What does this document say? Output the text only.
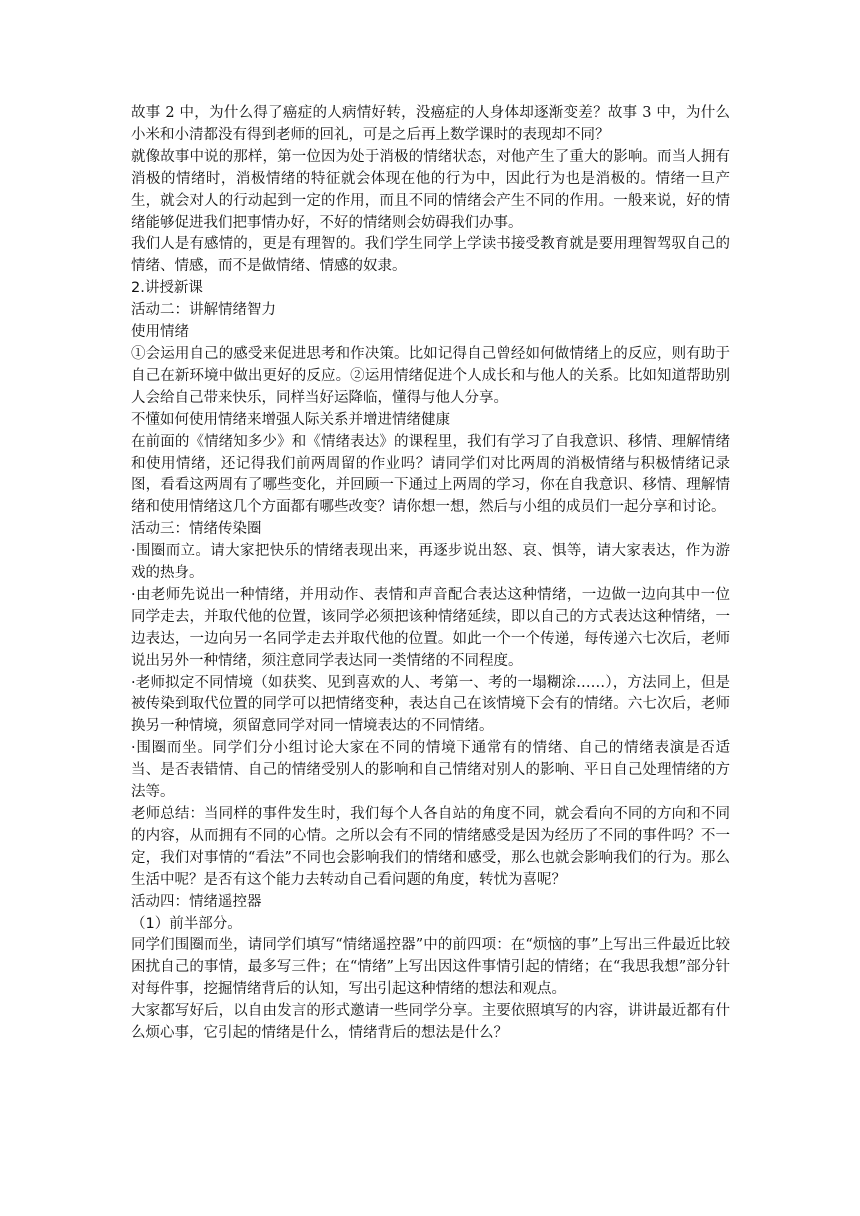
故事 2 中，为什么得了癌症的人病情好转，没癌症的人身体却逐渐变差？故事 3 中，为什么小米和小清都没有得到老师的回礼，可是之后再上数学课时的表现却不同？

就像故事中说的那样，第一位因为处于消极的情绪状态，对他产生了重大的影响。而当人拥有消极的情绪时，消极情绪的特征就会体现在他的行为中，因此行为也是消极的。情绪一旦产生，就会对人的行动起到一定的作用，而且不同的情绪会产生不同的作用。一般来说，好的情绪能够促进我们把事情办好，不好的情绪则会妨碍我们办事。

我们人是有感情的，更是有理智的。我们学生同学上学读书接受教育就是要用理智驾驭自己的情绪、情感，而不是做情绪、情感的奴隶。

2.讲授新课

活动二：讲解情绪智力

使用情绪

①会运用自己的感受来促进思考和作决策。比如记得自己曾经如何做情绪上的反应，则有助于自己在新环境中做出更好的反应。②运用情绪促进个人成长和与他人的关系。比如知道帮助别人会给自己带来快乐，同样当好运降临，懂得与他人分享。

不懂如何使用情绪来增强人际关系并增进情绪健康

在前面的《情绪知多少》和《情绪表达》的课程里，我们有学习了自我意识、移情、理解情绪和使用情绪，还记得我们前两周留的作业吗？请同学们对比两周的消极情绪与积极情绪记录图，看看这两周有了哪些变化，并回顾一下通过上两周的学习，你在自我意识、移情、理解情绪和使用情绪这几个方面都有哪些改变？请你想一想，然后与小组的成员们一起分享和讨论。

活动三：情绪传染圈

·围圈而立。请大家把快乐的情绪表现出来，再逐步说出怒、哀、惧等，请大家表达，作为游戏的热身。

·由老师先说出一种情绪，并用动作、表情和声音配合表达这种情绪，一边做一边向其中一位同学走去，并取代他的位置，该同学必须把该种情绪延续，即以自己的方式表达这种情绪，一边表达，一边向另一名同学走去并取代他的位置。如此一个一个传递，每传递六七次后，老师说出另外一种情绪，须注意同学表达同一类情绪的不同程度。

·老师拟定不同情境（如获奖、见到喜欢的人、考第一、考的一塌糊涂……），方法同上，但是被传染到取代位置的同学可以把情绪变种，表达自己在该情境下会有的情绪。六七次后，老师换另一种情境，须留意同学对同一情境表达的不同情绪。

·围圈而坐。同学们分小组讨论大家在不同的情境下通常有的情绪、自己的情绪表演是否适当、是否表错情、自己的情绪受别人的影响和自己情绪对别人的影响、平日自己处理情绪的方法等。

老师总结：当同样的事件发生时，我们每个人各自站的角度不同，就会看向不同的方向和不同的内容，从而拥有不同的心情。之所以会有不同的情绪感受是因为经历了不同的事件吗？不一定，我们对事情的“看法”不同也会影响我们的情绪和感受，那么也就会影响我们的行为。那么生活中呢？是否有这个能力去转动自己看问题的角度，转忧为喜呢？

活动四：情绪遥控器

（1）前半部分。

同学们围圈而坐，请同学们填写“情绪遥控器”中的前四项：在“烦恼的事”上写出三件最近比较困扰自己的事情，最多写三件；在“情绪”上写出因这件事情引起的情绪；在“我思我想”部分针对每件事，挖掘情绪背后的认知，写出引起这种情绪的想法和观点。

大家都写好后，以自由发言的形式邀请一些同学分享。主要依照填写的内容，讲讲最近都有什么烦心事，它引起的情绪是什么，情绪背后的想法是什么？
